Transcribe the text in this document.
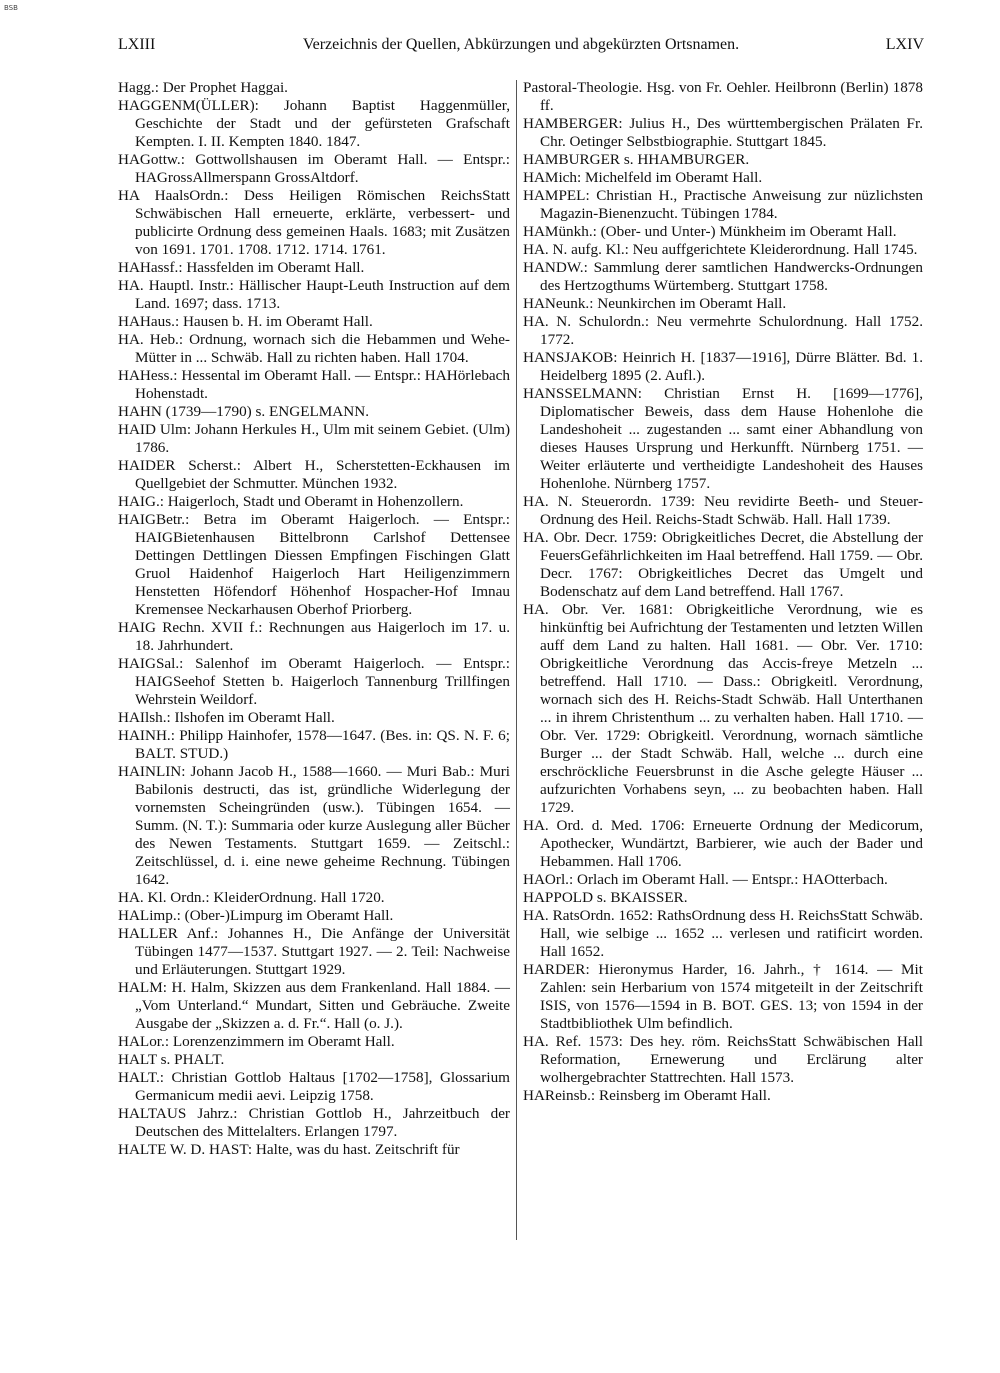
BSB
LXIII	Verzeichnis der Quellen, Abkürzungen und abgekürzten Ortsnamen.	LXIV

Hagg.: Der Prophet Haggai.

HAGGENM(ÜLLER): Johann Baptist Haggenmüller, Geschichte der Stadt und der gefürsteten Grafschaft Kempten. I. II. Kempten 1840. 1847.

HAGottw.: Gottwollshausen im Oberamt Hall. — Entspr.: HAGrossAllmerspann GrossAltdorf.

HA HaalsOrdn.: Dess Heiligen Römischen ReichsStatt Schwäbischen Hall erneuerte, erklärte, verbessert- und publicirte Ordnung dess gemeinen Haals. 1683; mit Zusätzen von 1691. 1701. 1708. 1712. 1714. 1761.

HAHassf.: Hassfelden im Oberamt Hall.

HA. Hauptl. Instr.: Hällischer Haupt-Leuth Instruction auf dem Land. 1697; dass. 1713.

HAHaus.: Hausen b. H. im Oberamt Hall.

HA. Heb.: Ordnung, wornach sich die Hebammen und Wehe-Mütter in ... Schwäb. Hall zu richten haben. Hall 1704.

HAHess.: Hessental im Oberamt Hall. — Entspr.: HAHörlebach Hohenstadt.

HAHN (1739—1790) s. ENGELMANN.

HAID Ulm: Johann Herkules H., Ulm mit seinem Gebiet. (Ulm) 1786.

HAIDER Scherst.: Albert H., Scherstetten-Eckhausen im Quellgebiet der Schmutter. München 1932.

HAIG.: Haigerloch, Stadt und Oberamt in Hohenzollern.

HAIGBetr.: Betra im Oberamt Haigerloch. — Entspr.: HAIGBietenhausen Bittelbronn Carlshof Dettensee Dettingen Dettlingen Diessen Empfingen Fischingen Glatt Gruol Haidenhof Haigerloch Hart Heiligenzimmern Henstetten Höfendorf Höhenhof Hospacher-Hof Imnau Kremensee Neckarhausen Oberhof Priorberg.

HAIG Rechn. XVII f.: Rechnungen aus Haigerloch im 17. u. 18. Jahrhundert.

HAIGSal.: Salenhof im Oberamt Haigerloch. — Entspr.: HAIGSeehof Stetten b. Haigerloch Tannenburg Trillfingen Wehrstein Weildorf.

HAIlsh.: Ilshofen im Oberamt Hall.

HAINH.: Philipp Hainhofer, 1578—1647. (Bes. in: QS. N. F. 6; BALT. STUD.)

HAINLIN: Johann Jacob H., 1588—1660. — Muri Bab.: Muri Babilonis destructi, das ist, gründliche Widerlegung der vornemsten Scheingründen (usw.). Tübingen 1654. — Summ. (N. T.): Summaria oder kurze Auslegung aller Bücher des Newen Testaments. Stuttgart 1659. — Zeitschl.: Zeitschlüssel, d. i. eine newe geheime Rechnung. Tübingen 1642.

HA. Kl. Ordn.: KleiderOrdnung. Hall 1720.

HALimp.: (Ober-)Limpurg im Oberamt Hall.

HALLER Anf.: Johannes H., Die Anfänge der Universität Tübingen 1477—1537. Stuttgart 1927. — 2. Teil: Nachweise und Erläuterungen. Stuttgart 1929.

HALM: H. Halm, Skizzen aus dem Frankenland. Hall 1884. — „Vom Unterland.“ Mundart, Sitten und Gebräuche. Zweite Ausgabe der „Skizzen a. d. Fr.“. Hall (o. J.).

HALor.: Lorenzenzimmern im Oberamt Hall.

HALT s. PHALT.

HALT.: Christian Gottlob Haltaus [1702—1758], Glossarium Germanicum medii aevi. Leipzig 1758.

HALTAUS Jahrz.: Christian Gottlob H., Jahrzeitbuch der Deutschen des Mittelalters. Erlangen 1797.

HALTE W. D. HAST: Halte, was du hast. Zeitschrift für

Pastoral-Theologie. Hsg. von Fr. Oehler. Heilbronn (Berlin) 1878 ff.

HAMBERGER: Julius H., Des württembergischen Prälaten Fr. Chr. Oetinger Selbstbiographie. Stuttgart 1845.

HAMBURGER s. HHAMBURGER.

HAMich: Michelfeld im Oberamt Hall.

HAMPEL: Christian H., Practische Anweisung zur nüzlichsten Magazin-Bienenzucht. Tübingen 1784.

HAMünkh.: (Ober- und Unter-) Münkheim im Oberamt Hall.

HA. N. aufg. Kl.: Neu auffgerichtete Kleiderordnung. Hall 1745.

HANDW.: Sammlung derer samtlichen Handwercks-Ordnungen des Hertzogthums Würtemberg. Stuttgart 1758.

HANeunk.: Neunkirchen im Oberamt Hall.

HA. N. Schulordn.: Neu vermehrte Schulordnung. Hall 1752. 1772.

HANSJAKOB: Heinrich H. [1837—1916], Dürre Blätter. Bd. 1. Heidelberg 1895 (2. Aufl.).

HANSSELMANN: Christian Ernst H. [1699—1776], Diplomatischer Beweis, dass dem Hause Hohenlohe die Landeshoheit ... zugestanden ... samt einer Abhandlung von dieses Hauses Ursprung und Herkunfft. Nürnberg 1751. — Weiter erläuterte und vertheidigte Landeshoheit des Hauses Hohenlohe. Nürnberg 1757.

HA. N. Steuerordn. 1739: Neu revidirte Beeth- und Steuer-Ordnung des Heil. Reichs-Stadt Schwäb. Hall. Hall 1739.

HA. Obr. Decr. 1759: Obrigkeitliches Decret, die Abstellung der FeuersGefährlichkeiten im Haal betreffend. Hall 1759. — Obr. Decr. 1767: Obrigkeitliches Decret das Umgelt und Bodenschatz auf dem Land betreffend. Hall 1767.

HA. Obr. Ver. 1681: Obrigkeitliche Verordnung, wie es hinkünftig bei Aufrichtung der Testamenten und letzten Willen auff dem Land zu halten. Hall 1681. — Obr. Ver. 1710: Obrigkeitliche Verordnung das Accis-freye Metzeln ... betreffend. Hall 1710. — Dass.: Obrigkeitl. Verordnung, wornach sich des H. Reichs-Stadt Schwäb. Hall Unterthanen ... in ihrem Christenthum ... zu verhalten haben. Hall 1710. — Obr. Ver. 1729: Obrigkeitl. Verordnung, wornach sämtliche Burger ... der Stadt Schwäb. Hall, welche ... durch eine erschröckliche Feuersbrunst in die Asche gelegte Häuser ... aufzurichten Vorhabens seyn, ... zu beobachten haben. Hall 1729.

HA. Ord. d. Med. 1706: Erneuerte Ordnung der Medicorum, Apothecker, Wundärtzt, Barbierer, wie auch der Bader und Hebammen. Hall 1706.

HAOrl.: Orlach im Oberamt Hall. — Entspr.: HAOtterbach.

HAPPOLD s. BKAISSER.

HA. RatsOrdn. 1652: RathsOrdnung dess H. ReichsStatt Schwäb. Hall, wie selbige ... 1652 ... verlesen und ratificirt worden. Hall 1652.

HARDER: Hieronymus Harder, 16. Jahrh., † 1614. — Mit Zahlen: sein Herbarium von 1574 mitgeteilt in der Zeitschrift ISIS, von 1576—1594 in B. BOT. GES. 13; von 1594 in der Stadtbibliothek Ulm befindlich.

HA. Ref. 1573: Des hey. röm. ReichsStatt Schwäbischen Hall Reformation, Ernewerung und Erclärung alter wolhergebrachter Stattrechten. Hall 1573.

HAReinsb.: Reinsberg im Oberamt Hall.
